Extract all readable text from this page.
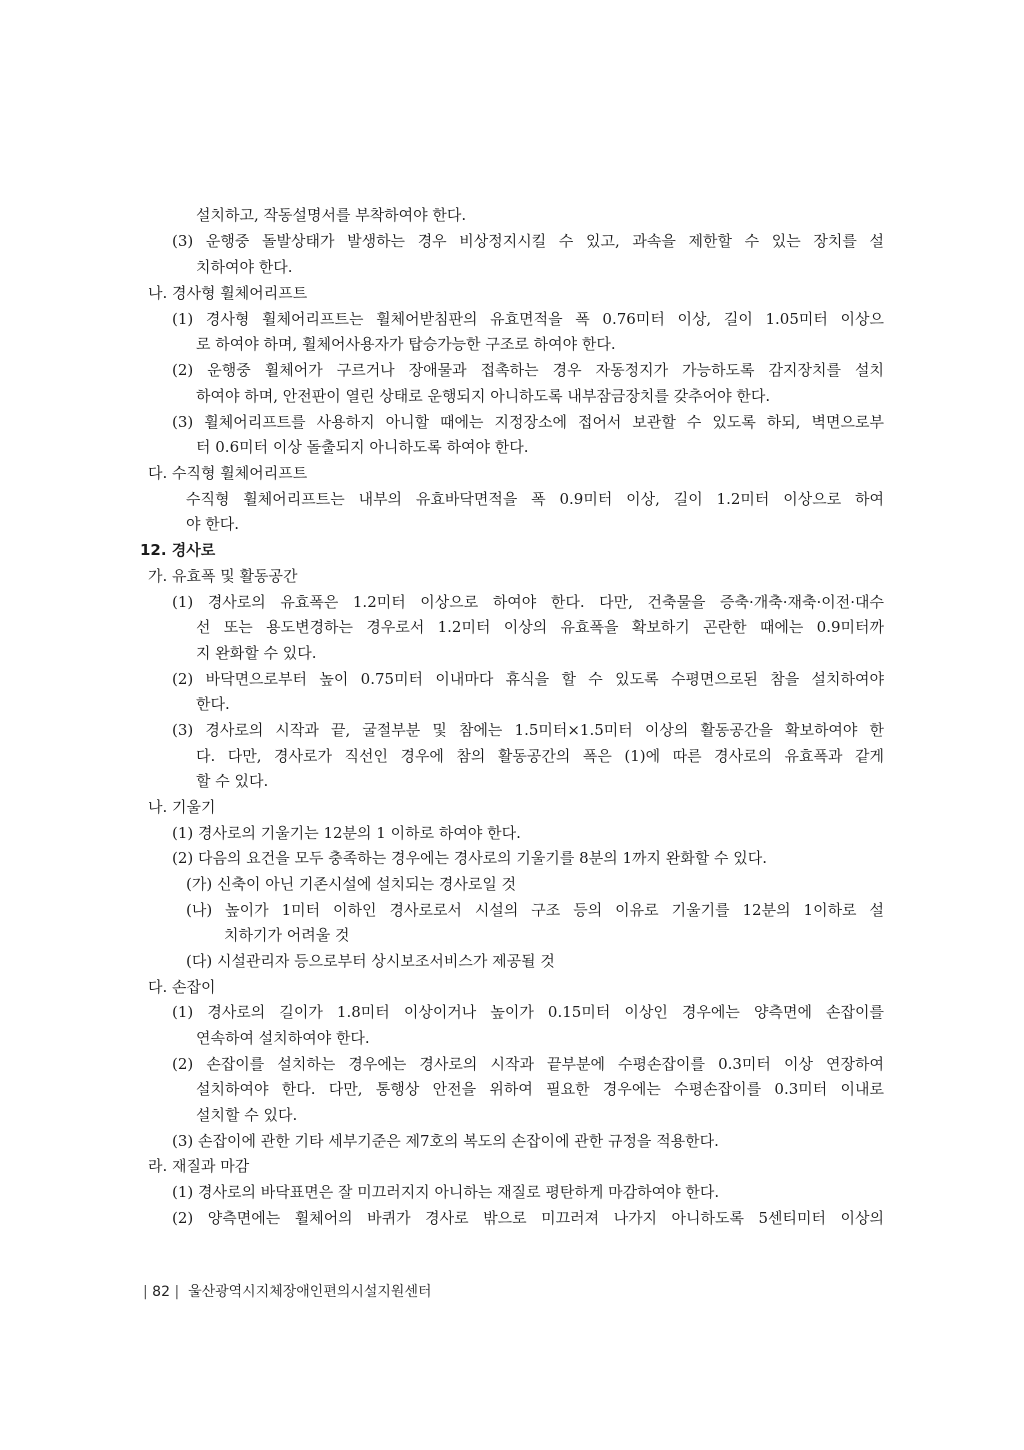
설치하고, 작동설명서를 부착하여야 한다.
(3) 운행중 돌발상태가 발생하는 경우 비상정지시킬 수 있고, 과속을 제한할 수 있는 장치를 설
치하여야 한다.
나. 경사형 휠체어리프트
(1) 경사형 휠체어리프트는 휠체어받침판의 유효면적을 폭 0.76미터 이상, 길이 1.05미터 이상으
로 하여야 하며, 휠체어사용자가 탑승가능한 구조로 하여야 한다.
(2) 운행중 휠체어가 구르거나 장애물과 접촉하는 경우 자동정지가 가능하도록 감지장치를 설치
하여야 하며, 안전판이 열린 상태로 운행되지 아니하도록 내부잠금장치를 갖추어야 한다.
(3) 휠체어리프트를 사용하지 아니할 때에는 지정장소에 접어서 보관할 수 있도록 하되, 벽면으로부
터 0.6미터 이상 돌출되지 아니하도록 하여야 한다.
다. 수직형 휠체어리프트
수직형 휠체어리프트는 내부의 유효바닥면적을 폭 0.9미터 이상, 길이 1.2미터 이상으로 하여
야 한다.
12. 경사로
가. 유효폭 및 활동공간
(1) 경사로의 유효폭은 1.2미터 이상으로 하여야 한다. 다만, 건축물을 증축·개축·재축·이전·대수
선 또는 용도변경하는 경우로서 1.2미터 이상의 유효폭을 확보하기 곤란한 때에는 0.9미터까
지 완화할 수 있다.
(2) 바닥면으로부터 높이 0.75미터 이내마다 휴식을 할 수 있도록 수평면으로된 참을 설치하여야
한다.
(3) 경사로의 시작과 끝, 굴절부분 및 참에는 1.5미터×1.5미터 이상의 활동공간을 확보하여야 한
다. 다만, 경사로가 직선인 경우에 참의 활동공간의 폭은 (1)에 따른 경사로의 유효폭과 같게
할 수 있다.
나. 기울기
(1) 경사로의 기울기는 12분의 1 이하로 하여야 한다.
(2) 다음의 요건을 모두 충족하는 경우에는 경사로의 기울기를 8분의 1까지 완화할 수 있다.
(가) 신축이 아닌 기존시설에 설치되는 경사로일 것
(나) 높이가 1미터 이하인 경사로로서 시설의 구조 등의 이유로 기울기를 12분의 1이하로 설
치하기가 어려울 것
(다) 시설관리자 등으로부터 상시보조서비스가 제공될 것
다. 손잡이
(1) 경사로의 길이가 1.8미터 이상이거나 높이가 0.15미터 이상인 경우에는 양측면에 손잡이를
연속하여 설치하여야 한다.
(2) 손잡이를 설치하는 경우에는 경사로의 시작과 끝부분에 수평손잡이를 0.3미터 이상 연장하여
설치하여야 한다. 다만, 통행상 안전을 위하여 필요한 경우에는 수평손잡이를 0.3미터 이내로
설치할 수 있다.
(3) 손잡이에 관한 기타 세부기준은 제7호의 복도의 손잡이에 관한 규정을 적용한다.
라. 재질과 마감
(1) 경사로의 바닥표면은 잘 미끄러지지 아니하는 재질로 평탄하게 마감하여야 한다.
(2) 양측면에는 휠체어의 바퀴가 경사로 밖으로 미끄러져 나가지 아니하도록 5센티미터 이상의
| 82 | 울산광역시지체장애인편의시설지원센터
